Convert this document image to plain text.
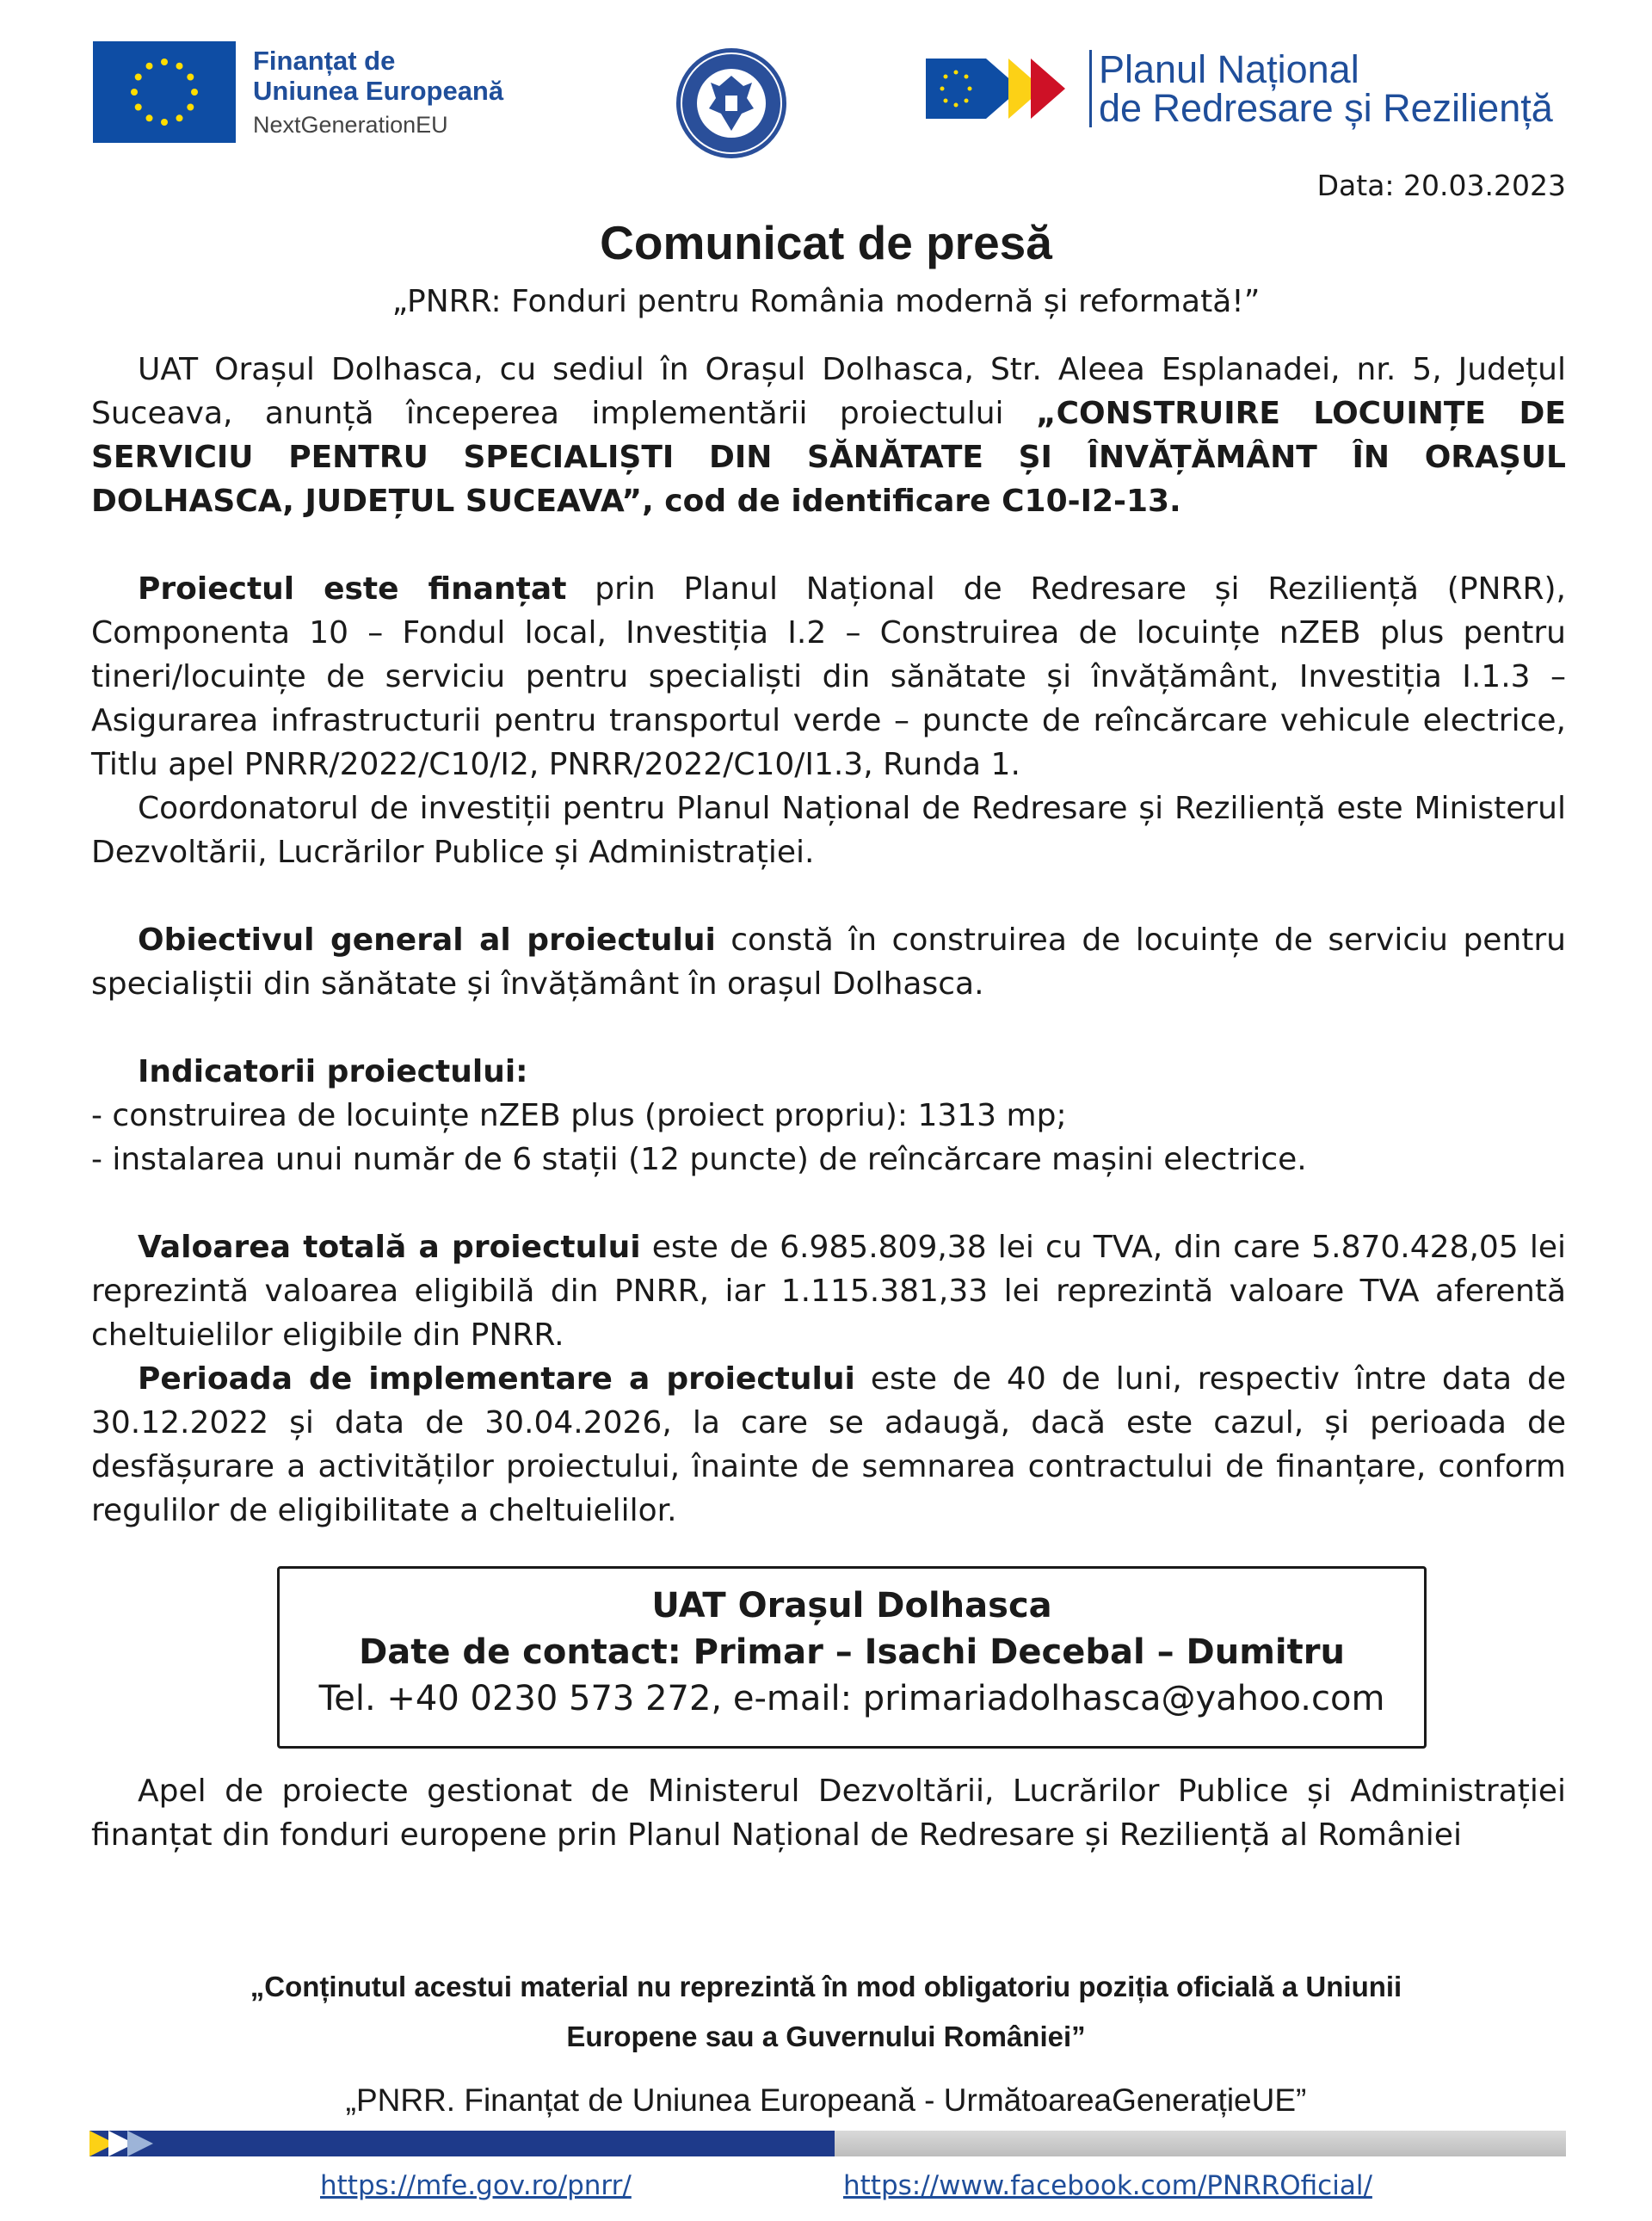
Finanțat de
Uniunea Europeană
NextGenerationEU
Planul Național
de Redresare și Reziliență
Data: 20.03.2023
Comunicat de presă
„PNRR: Fonduri pentru România modernă și reformată!”

UAT Orașul Dolhasca, cu sediul în Orașul Dolhasca, Str. Aleea Esplanadei, nr. 5, Județul Suceava, anunță începerea implementării proiectului „CONSTRUIRE LOCUINȚE DE SERVICIU PENTRU SPECIALIȘTI DIN SĂNĂTATE ȘI ÎNVĂȚĂMÂNT ÎN ORAȘUL DOLHASCA, JUDEȚUL SUCEAVA”, cod de identificare C10-I2-13.

Proiectul este finanțat prin Planul Național de Redresare și Reziliență (PNRR), Componenta 10 – Fondul local, Investiția I.2 – Construirea de locuințe nZEB plus pentru tineri/locuințe de serviciu pentru specialiști din sănătate și învățământ, Investiția I.1.3 – Asigurarea infrastructurii pentru transportul verde – puncte de reîncărcare vehicule electrice, Titlu apel PNRR/2022/C10/I2, PNRR/2022/C10/I1.3, Runda 1.

Coordonatorul de investiții pentru Planul Național de Redresare și Reziliență este Ministerul Dezvoltării, Lucrărilor Publice și Administrației.

Obiectivul general al proiectului constă în construirea de locuințe de serviciu pentru specialiștii din sănătate și învățământ în orașul Dolhasca.

Indicatorii proiectului:

- construirea de locuințe nZEB plus (proiect propriu): 1313 mp;

- instalarea unui număr de 6 stații (12 puncte) de reîncărcare mașini electrice.

Valoarea totală a proiectului este de 6.985.809,38 lei cu TVA, din care 5.870.428,05 lei reprezintă valoarea eligibilă din PNRR, iar 1.115.381,33 lei reprezintă valoare TVA aferentă cheltuielilor eligibile din PNRR.

Perioada de implementare a proiectului este de 40 de luni, respectiv între data de 30.12.2022 și data de 30.04.2026, la care se adaugă, dacă este cazul, și perioada de desfășurare a activităților proiectului, înainte de semnarea contractului de finanțare, conform regulilor de eligibilitate a cheltuielilor.

UAT Orașul Dolhasca
Date de contact: Primar – Isachi Decebal – Dumitru
Tel. +40 0230 573 272, e-mail: primariadolhasca@yahoo.com
Apel de proiecte gestionat de Ministerul Dezvoltării, Lucrărilor Publice și Administrației finanțat din fonduri europene prin Planul Național de Redresare și Reziliență al României
„Conținutul acestui material nu reprezintă în mod obligatoriu poziția oficială a Uniunii
Europene sau a Guvernului României”
„PNRR. Finanțat de Uniunea Europeană - UrmătoareaGenerațieUE”
https://mfe.gov.ro/pnrr/	https://www.facebook.com/PNRROficial/
